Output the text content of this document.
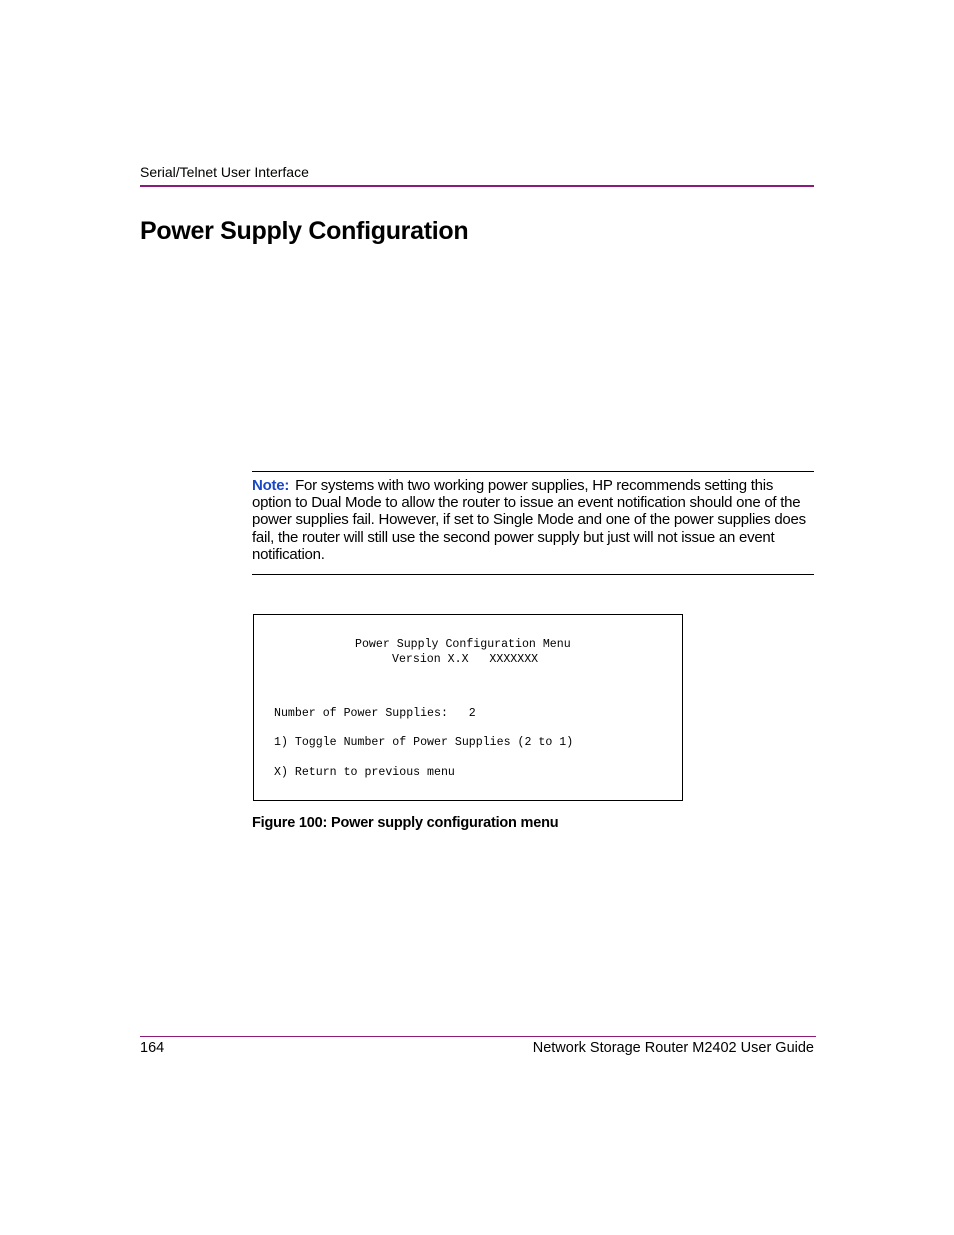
Serial/Telnet User Interface
Power Supply Configuration
Note: For systems with two working power supplies, HP recommends setting this option to Dual Mode to allow the router to issue an event notification should one of the power supplies fail. However, if set to Single Mode and one of the power supplies does fail, the router will still use the second power supply but just will not issue an event notification.
Power Supply Configuration Menu
Version X.X   XXXXXXX
Number of Power Supplies:   2
1) Toggle Number of Power Supplies (2 to 1)
X) Return to previous menu
Figure 100: Power supply configuration menu
164	Network Storage Router M2402 User Guide
